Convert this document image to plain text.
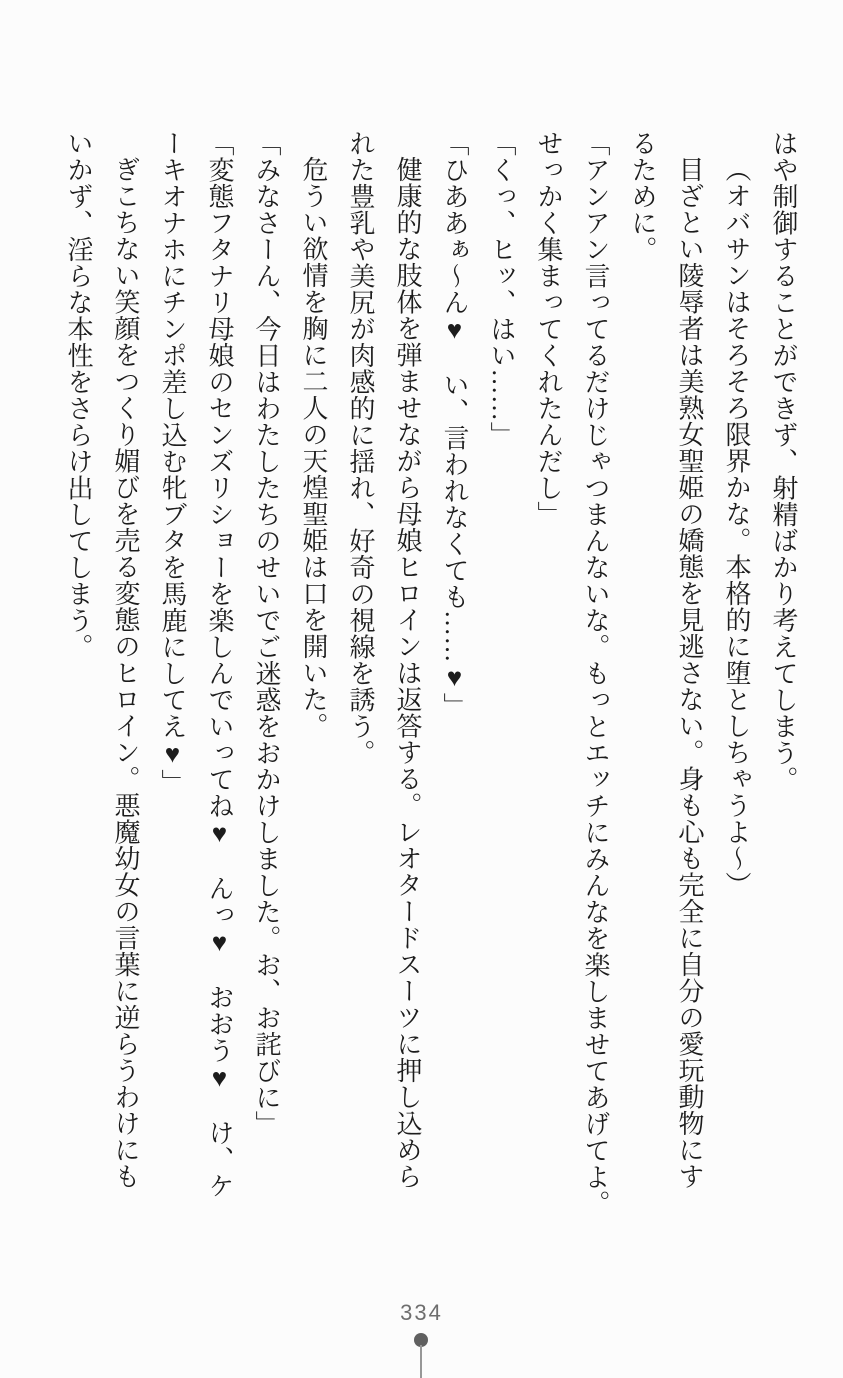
はや制御することができず、射精ばかり考えてしまう。
（オバサンはそろそろ限界かな。本格的に堕としちゃうよ～）
目ざとい陵辱者は美熟女聖姫の嬌態を見逃さない。身も心も完全に自分の愛玩動物にす
るために。
「アンアン言ってるだけじゃつまんないな。もっとエッチにみんなを楽しませてあげてよ。
せっかく集まってくれたんだし」
「くっ、ヒッ、はい……」
「ひああぁ～ん♥　い、言われなくても……♥」
健康的な肢体を弾ませながら母娘ヒロインは返答する。レオタードスーツに押し込めら
れた豊乳や美尻が肉感的に揺れ、好奇の視線を誘う。
危うい欲情を胸に二人の天煌聖姫は口を開いた。
「みなさーん、今日はわたしたちのせいでご迷惑をおかけしました。お、お詫びに」
「変態フタナリ母娘のセンズリショーを楽しんでいってね♥　んっ♥　おおう♥　け、ケ
ーキオナホにチンポ差し込む牝ブタを馬鹿にしてえ♥」
ぎこちない笑顔をつくり媚びを売る変態のヒロイン。悪魔幼女の言葉に逆らうわけにも
いかず、淫らな本性をさらけ出してしまう。
334
